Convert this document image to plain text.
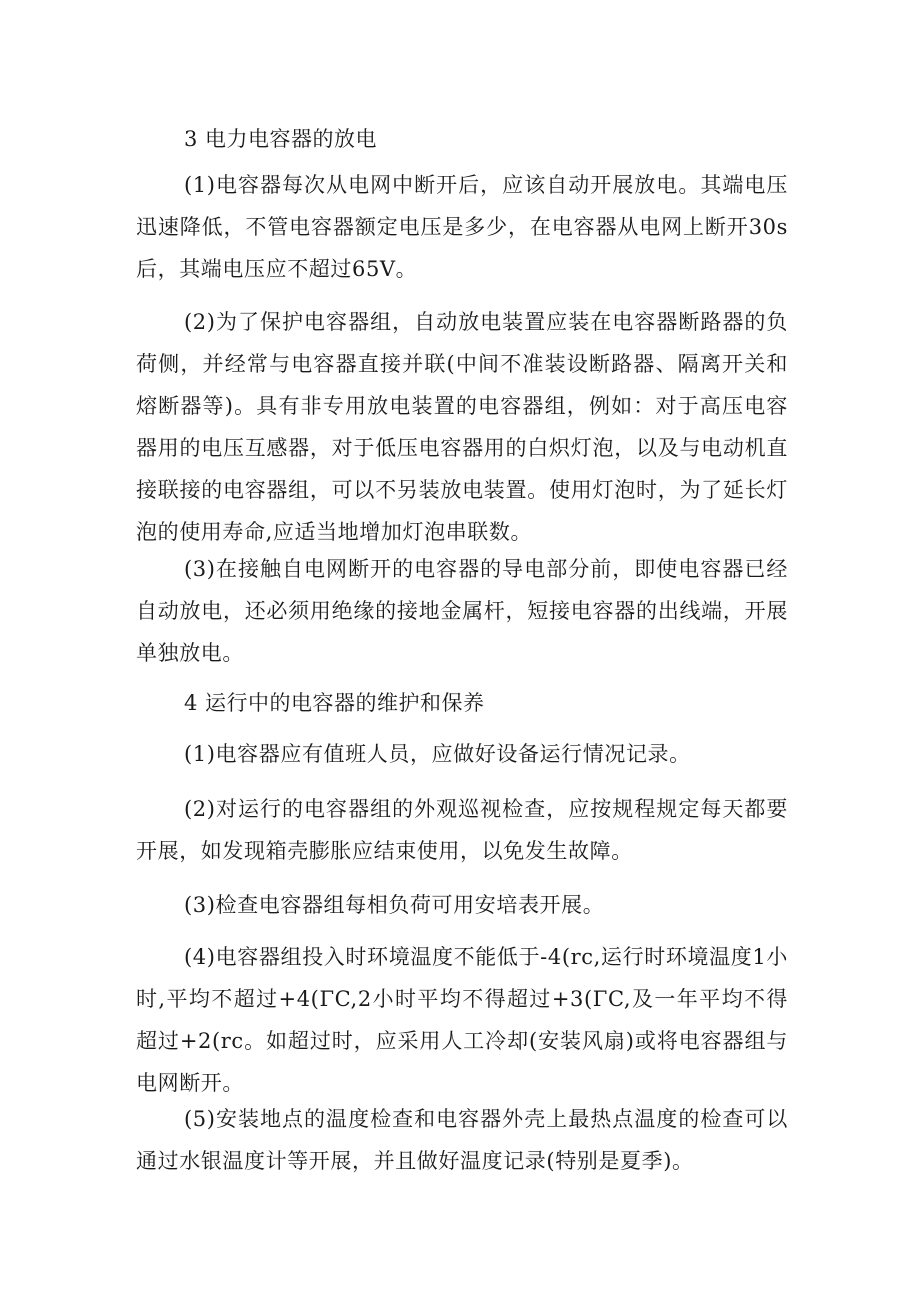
3 电力电容器的放电
(1)电容器每次从电网中断开后，应该自动开展放电。其端电压迅速降低，不管电容器额定电压是多少，在电容器从电网上断开30s后，其端电压应不超过65V。
(2)为了保护电容器组，自动放电装置应装在电容器断路器的负荷侧，并经常与电容器直接并联(中间不准装设断路器、隔离开关和熔断器等)。具有非专用放电装置的电容器组，例如：对于高压电容器用的电压互感器，对于低压电容器用的白炽灯泡，以及与电动机直接联接的电容器组，可以不另装放电装置。使用灯泡时，为了延长灯泡的使用寿命,应适当地增加灯泡串联数。
(3)在接触自电网断开的电容器的导电部分前，即使电容器已经自动放电，还必须用绝缘的接地金属杆，短接电容器的出线端，开展单独放电。
4 运行中的电容器的维护和保养
(1)电容器应有值班人员，应做好设备运行情况记录。
(2)对运行的电容器组的外观巡视检查，应按规程规定每天都要开展，如发现箱壳膨胀应结束使用，以免发生故障。
(3)检查电容器组每相负荷可用安培表开展。
(4)电容器组投入时环境温度不能低于-4(rc,运行时环境温度1小时,平均不超过+4(ΓC,2小时平均不得超过+3(ΓC,及一年平均不得超过+2(rc。如超过时，应采用人工冷却(安装风扇)或将电容器组与电网断开。
(5)安装地点的温度检查和电容器外壳上最热点温度的检查可以通过水银温度计等开展，并且做好温度记录(特别是夏季)。
